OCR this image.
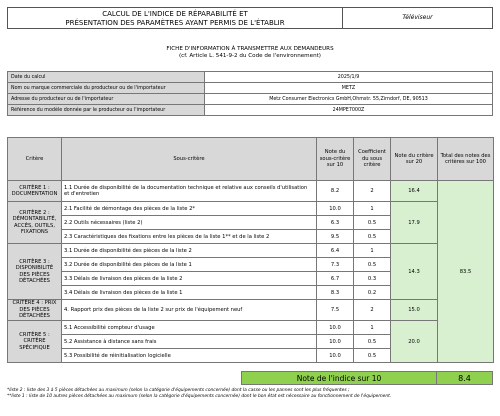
CALCUL DE L'INDICE DE RÉPARABILITÉ ET
PRÉSENTATION DES PARAMÈTRES AYANT PERMIS DE L'ÉTABLIR
Téléviseur
FICHE D'INFORMATION À TRANSMETTRE AUX DEMANDEURS
(cf. Article L. 541-9-2 du Code de l'environnement)
Date du calcul	2025/1/9
Nom ou marque commerciale du producteur ou de l'importateur	METZ
Adresse du producteur ou de l'importateur	Metz Consumer Electronics GmbH,Ohmstr. 55,Zirndorf, DE, 90513
Référence du modèle donnée par le producteur ou l'importateur	24MPE7000Z
Critère	Sous-critère	Note du sous-critère sur 10	Coefficient du sous critère	Note du critère sur 20	Total des notes des critères sur 100
CRITÈRE 1 : DOCUMENTATION	1.1 Durée de disponibilité de la documentation technique et relative aux conseils d'utilisation et d'entretien	8.2	2	16.4	83.5
CRITÈRE 2 : DÉMONTABILITÉ, ACCÈS, OUTILS, FIXATIONS	2.1 Facilité de démontage des pièces de la liste 2*	10.0	1	17.9	
	2.2 Outils nécessaires (liste 2)	6.3	0.5		
	2.3 Caractéristiques des fixations entre les pièces de la liste 1** et de la liste 2	9.5	0.5		
CRITÈRE 3 : DISPONIBILITÉ DES PIÈCES DÉTACHÉES	3.1 Durée de disponibilité des pièces de la liste 2	6.4	1	14.3	
	3.2 Durée de disponibilité des pièces de la liste 1	7.3	0.5		
	3.3 Délais de livraison des pièces de la liste 2	6.7	0.3		
	3.4 Délais de livraison des pièces de la liste 1	8.3	0.2		
CRITÈRE 4 : PRIX DES PIÈCES DÉTACHÉES	4. Rapport prix des pièces de la liste 2 sur prix de l'équipement neuf	7.5	2	15.0	
CRITÈRE 5 : CRITÈRE SPÉCIFIQUE	5.1 Accessibilité compteur d'usage	10.0	1	20.0	
	5.2 Assistance à distance sans frais	10.0	0.5		
	5.3 Possibilité de réinitialisation logicielle	10.0	0.5		
Note de l'indice sur 10	8.4
*liste 2 : liste des 3 à 5 pièces détachées au maximum (selon la catégorie d'équipements concernée) dont la casse ou les pannes sont les plus fréquentes ;
**liste 1 : liste de 10 autres pièces détachées au maximum (selon la catégorie d'équipements concernée) dont le bon état est nécessaire au fonctionnement de l'équipement.
